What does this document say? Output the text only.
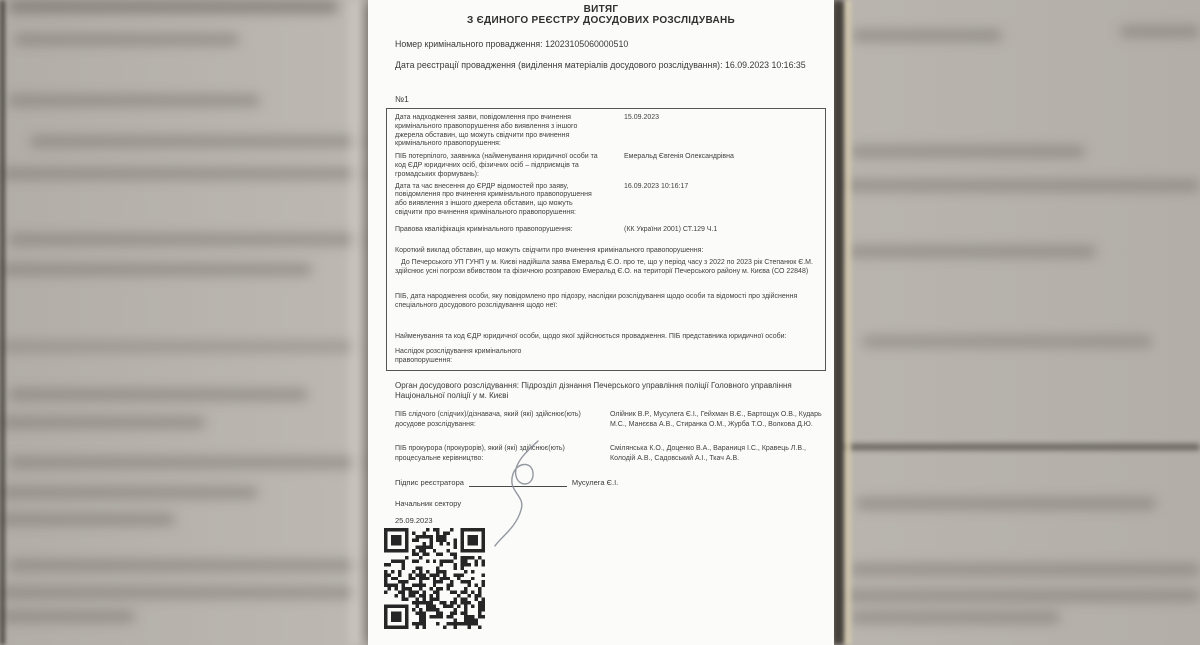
ВИТЯГ
З ЄДИНОГО РЕЄСТРУ ДОСУДОВИХ РОЗСЛІДУВАНЬ
Номер кримінального провадження: 12023105060000510
Дата реєстрації провадження (виділення матеріалів досудового розслідування): 16.09.2023 10:16:35
№1
Дата надходження заяви, повідомлення про вчинення кримінального правопорушення або виявлення з іншого джерела обставин, що можуть свідчити про вчинення кримінального правопорушення:
15.09.2023
ПІБ потерпілого, заявника (найменування юридичної особи та код ЄДР юридичних осіб, фізичних осіб – підприємців та громадських формувань):
Емеральд Євгенія Олександрівна
Дата та час внесення до ЄРДР відомостей про заяву, повідомлення про вчинення кримінального правопорушення або виявлення з іншого джерела обставин, що можуть свідчити про вчинення кримінального правопорушення:
16.09.2023 10:16:17
Правова кваліфікація кримінального правопорушення:	(КК України 2001) СТ.129 Ч.1
Короткий виклад обставин, що можуть свідчити про вчинення кримінального правопорушення:
До Печерського УП ГУНП у м. Києві надійшла заява Емеральд Є.О. про те, що у період часу з 2022 по 2023 рік Степанюк Є.М. здійснює усні погрози вбивством та фізичною розправою Емеральд Є.О. на території Печерського району м. Києва (СО 22848)
ПІБ, дата народження особи, яку повідомлено про підозру, наслідки розслідування щодо особи та відомості про здійснення спеціального досудового розслідування щодо неї:
Найменування та код ЄДР юридичної особи, щодо якої здійснюється провадження. ПІБ представника юридичної особи:
Наслідок розслідування кримінального правопорушення:
Орган досудового розслідування: Підрозділ дізнання Печерського управління поліції Головного управління Національної поліції у м. Києві
ПІБ слідчого (слідчих)/дізнавача, який (які) здійснює(ють) досудове розслідування:
Олійник В.Р., Мусулега Є.І., Гейхман В.Є., Бартощук О.В., Кударь М.С., Манєєва А.В., Стиранка О.М., Журба Т.О., Волкова Д.Ю.
ПІБ прокурора (прокурорів), який (які) здійснює(ють) процесуальне керівництво:
Смілянська К.О., Доценко В.А., Вараниця І.С., Кравець Л.В., Колодій А.В., Садовський А.І., Ткач А.В.
Підпис реєстратора	Мусулега Є.І.
Начальник сектору
25.09.2023
